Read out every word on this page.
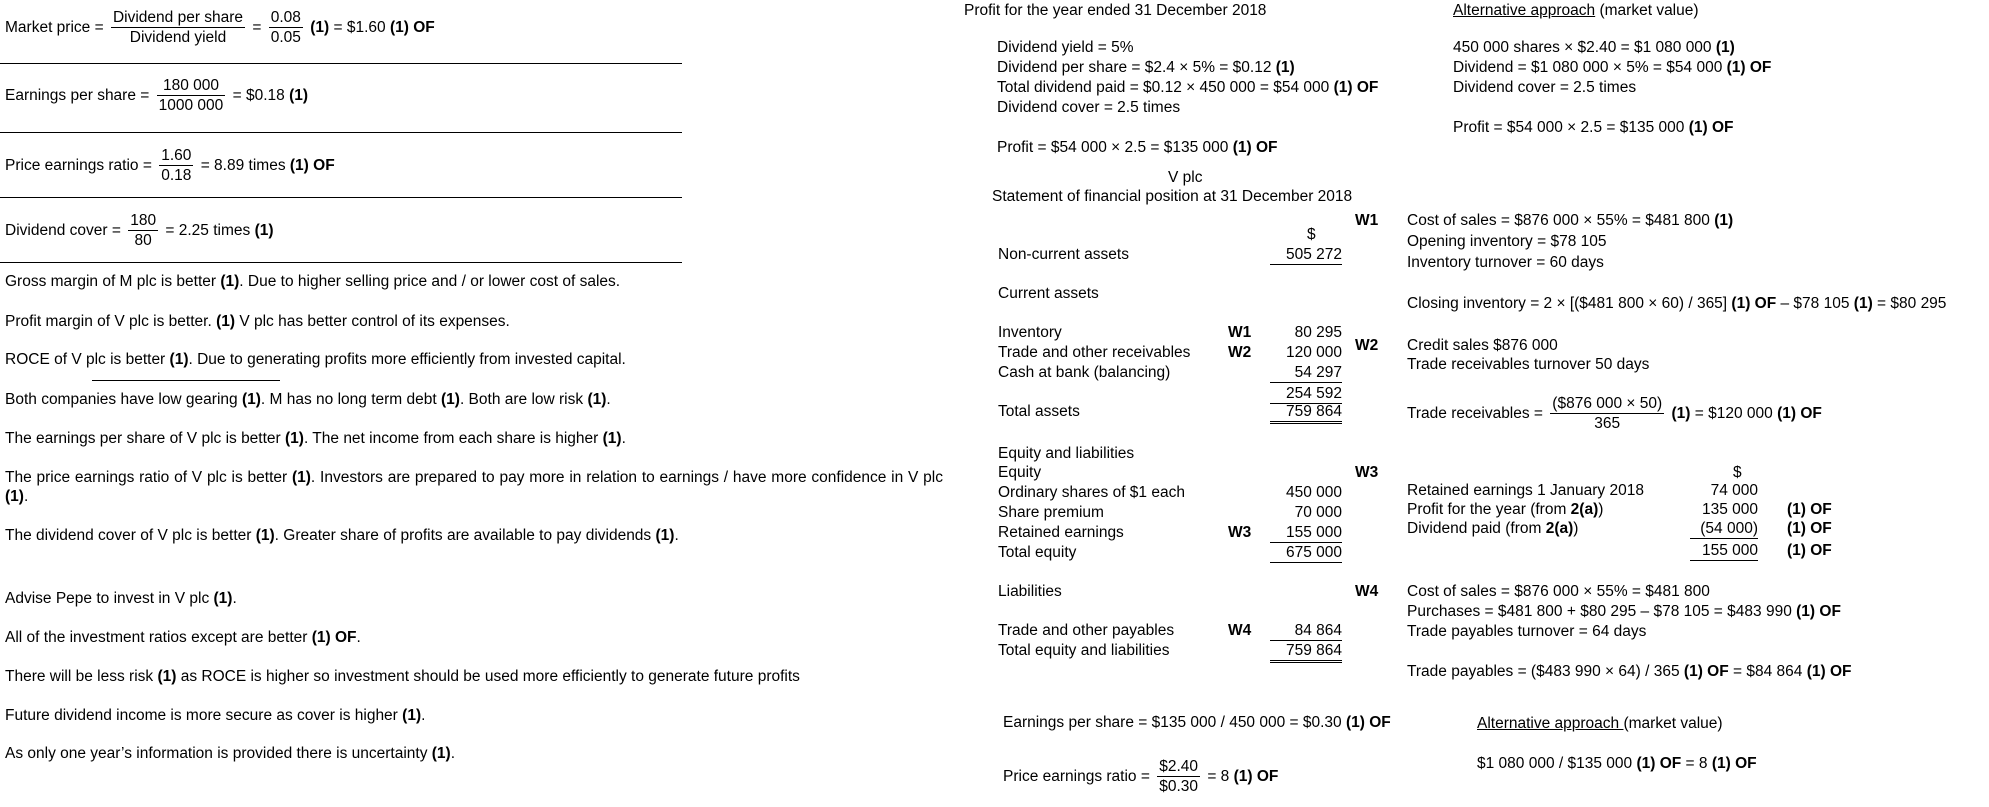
Market price = $\frac{\text{Dividend per share}}{\text{Dividend yield}} = \frac{0.08}{0.05} (1)$ = $1.60 (1) OF
Earnings per share = $\frac{180 000}{1000 000}$ = $0.18 (1)
Price earnings ratio = $\frac{1.60}{0.18} = 8.89$ times (1) OF
Dividend cover = $\frac{180}{80} = 2.25$ times (1)
Gross margin of M plc is better (1). Due to higher selling price and / or lower cost of sales.
Profit margin of V plc is better. (1) V plc has better control of its expenses.
ROCE of V plc is better (1). Due to generating profits more efficiently from invested capital.
Both companies have low gearing (1). M has no long term debt (1). Both are low risk (1).
The earnings per share of V plc is better (1). The net income from each share is higher (1).
The price earnings ratio of V plc is better (1). Investors are prepared to pay more in relation to earnings / have more confidence in V plc (1).
The dividend cover of V plc is better (1). Greater share of profits are available to pay dividends (1).
Advise Pepe to invest in V plc (1).
All of the investment ratios except are better (1) OF.
There will be less risk (1) as ROCE is higher so investment should be used more efficiently to generate future profits
Future dividend income is more secure as cover is higher (1).
As only one year’s information is provided there is uncertainty (1).
Profit for the year ended 31 December 2018
Dividend yield = 5%
Dividend per share = $2.4 × 5% = $0.12 (1)
Total dividend paid = $0.12 × 450 000 = $54 000 (1) OF
Dividend cover = 2.5 times
Profit = $54 000 × 2.5 = $135 000 (1) OF
Alternative approach (market value)
450 000 shares × $2.40 = $1 080 000 (1)
Dividend = $1 080 000 × 5% = $54 000 (1) OF
Dividend cover = 2.5 times
Profit = $54 000 × 2.5 = $135 000 (1) OF
V plc
Statement of financial position at 31 December 2018
$
Non-current assets	505 272
Current assets
Inventory	W1	80 295
Trade and other receivables W2	120 000
Cash at bank (balancing)	54 297
254 592
Total assets	759 864
Equity and liabilities
Equity
Ordinary shares of $1 each	450 000
Share premium	70 000
Retained earnings	W3	155 000
Total equity	675 000
Liabilities
Trade and other payables	W4	84 864
Total equity and liabilities	759 864
W1 Cost of sales = $876 000 × 55% = $481 800 (1)
Opening inventory = $78 105
Inventory turnover = 60 days
Closing inventory = 2 × [($481 800 × 60) / 365] (1) OF – $78 105 (1) = $80 295
W2 Credit sales $876 000
Trade receivables turnover 50 days
Trade receivables = $\frac{(\$876 000 \times 50)}{365} (1)$ = $120 000 (1) OF
W3	$
Retained earnings 1 January 2018	74 000
Profit for the year (from 2(a))	135 000 (1) OF
Dividend paid (from 2(a))	(54 000) (1) OF
155 000 (1) OF
W4 Cost of sales = $876 000 × 55% = $481 800
Purchases = $481 800 + $80 295 – $78 105 = $483 990 (1) OF
Trade payables turnover = 64 days
Trade payables = ($483 990 × 64) / 365 (1) OF = $84 864 (1) OF
Earnings per share = $135 000 / 450 000 = $0.30 (1) OF
Price earnings ratio = $\frac{\$2.40}{\$0.30} = 8$ (1) OF
Alternative approach (market value)
$1 080 000 / $135 000 (1) OF = 8 (1) OF
